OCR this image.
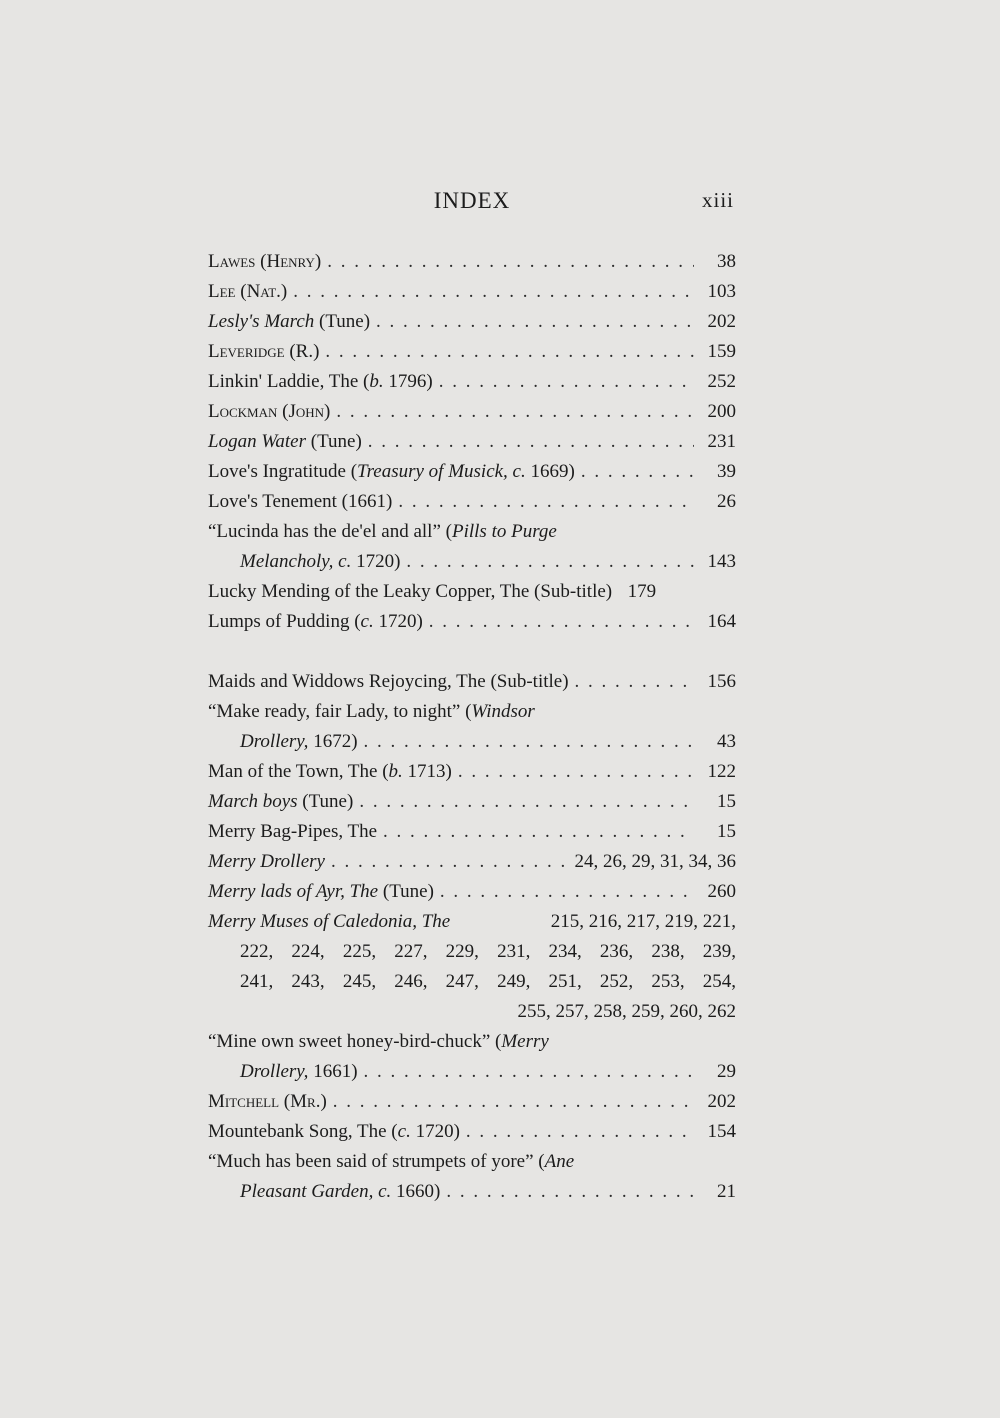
INDEX	xiii
Lawes (Henry) . . .	38
Lee (Nat.) . . .	103
Lesly's March (Tune) . . .	202
Leveridge (R.) . . .	159
Linkin' Laddie, The (b. 1796) . . .	252
Lockman (John) . . .	200
Logan Water (Tune) . . .	231
Love's Ingratitude (Treasury of Musick, c. 1669) . . .	39
Love's Tenement (1661) . . .	26
“Lucinda has the de'el and all” (Pills to Purge
Melancholy, c. 1720) . . .	143
Lucky Mending of the Leaky Copper, The (Sub-title) 179
Lumps of Pudding (c. 1720) . . .	164
Maids and Widdows Rejoycing, The (Sub-title) . . .	156
“Make ready, fair Lady, to night” (Windsor
Drollery, 1672) . . .	43
Man of the Town, The (b. 1713) . . .	122
March boys (Tune) . . .	15
Merry Bag-Pipes, The . . .	15
Merry Drollery . . .	24, 26, 29, 31, 34, 36
Merry lads of Ayr, The (Tune) . . .	260
Merry Muses of Caledonia, The	215, 216, 217, 219, 221,
222, 224, 225, 227, 229, 231, 234, 236, 238, 239,
241, 243, 245, 246, 247, 249, 251, 252, 253, 254,
255, 257, 258, 259, 260, 262
“Mine own sweet honey-bird-chuck” (Merry
Drollery, 1661) . . .	29
Mitchell (Mr.) . . .	202
Mountebank Song, The (c. 1720) . . .	154
“Much has been said of strumpets of yore” (Ane
Pleasant Garden, c. 1660) . . .	21
